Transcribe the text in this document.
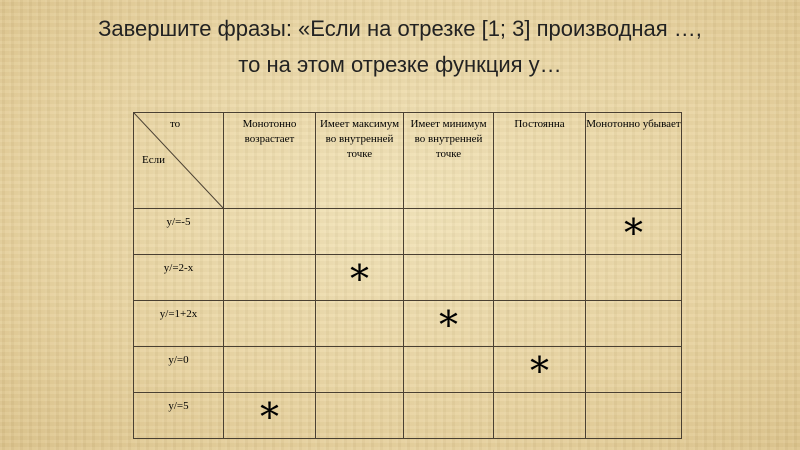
Завершите фразы: «Если на отрезке [1; 3] производная …,
то на этом отрезке функция у…
то
Если	Монотонно возрастает	Имеет максимум во внутренней точке	Имеет минимум во внутренней точке	Постоянна	Монотонно убывает
y/=-5					*

y/=2-x		*			

y/=1+2x			*		

y/=0				*	

y/=5	*				
